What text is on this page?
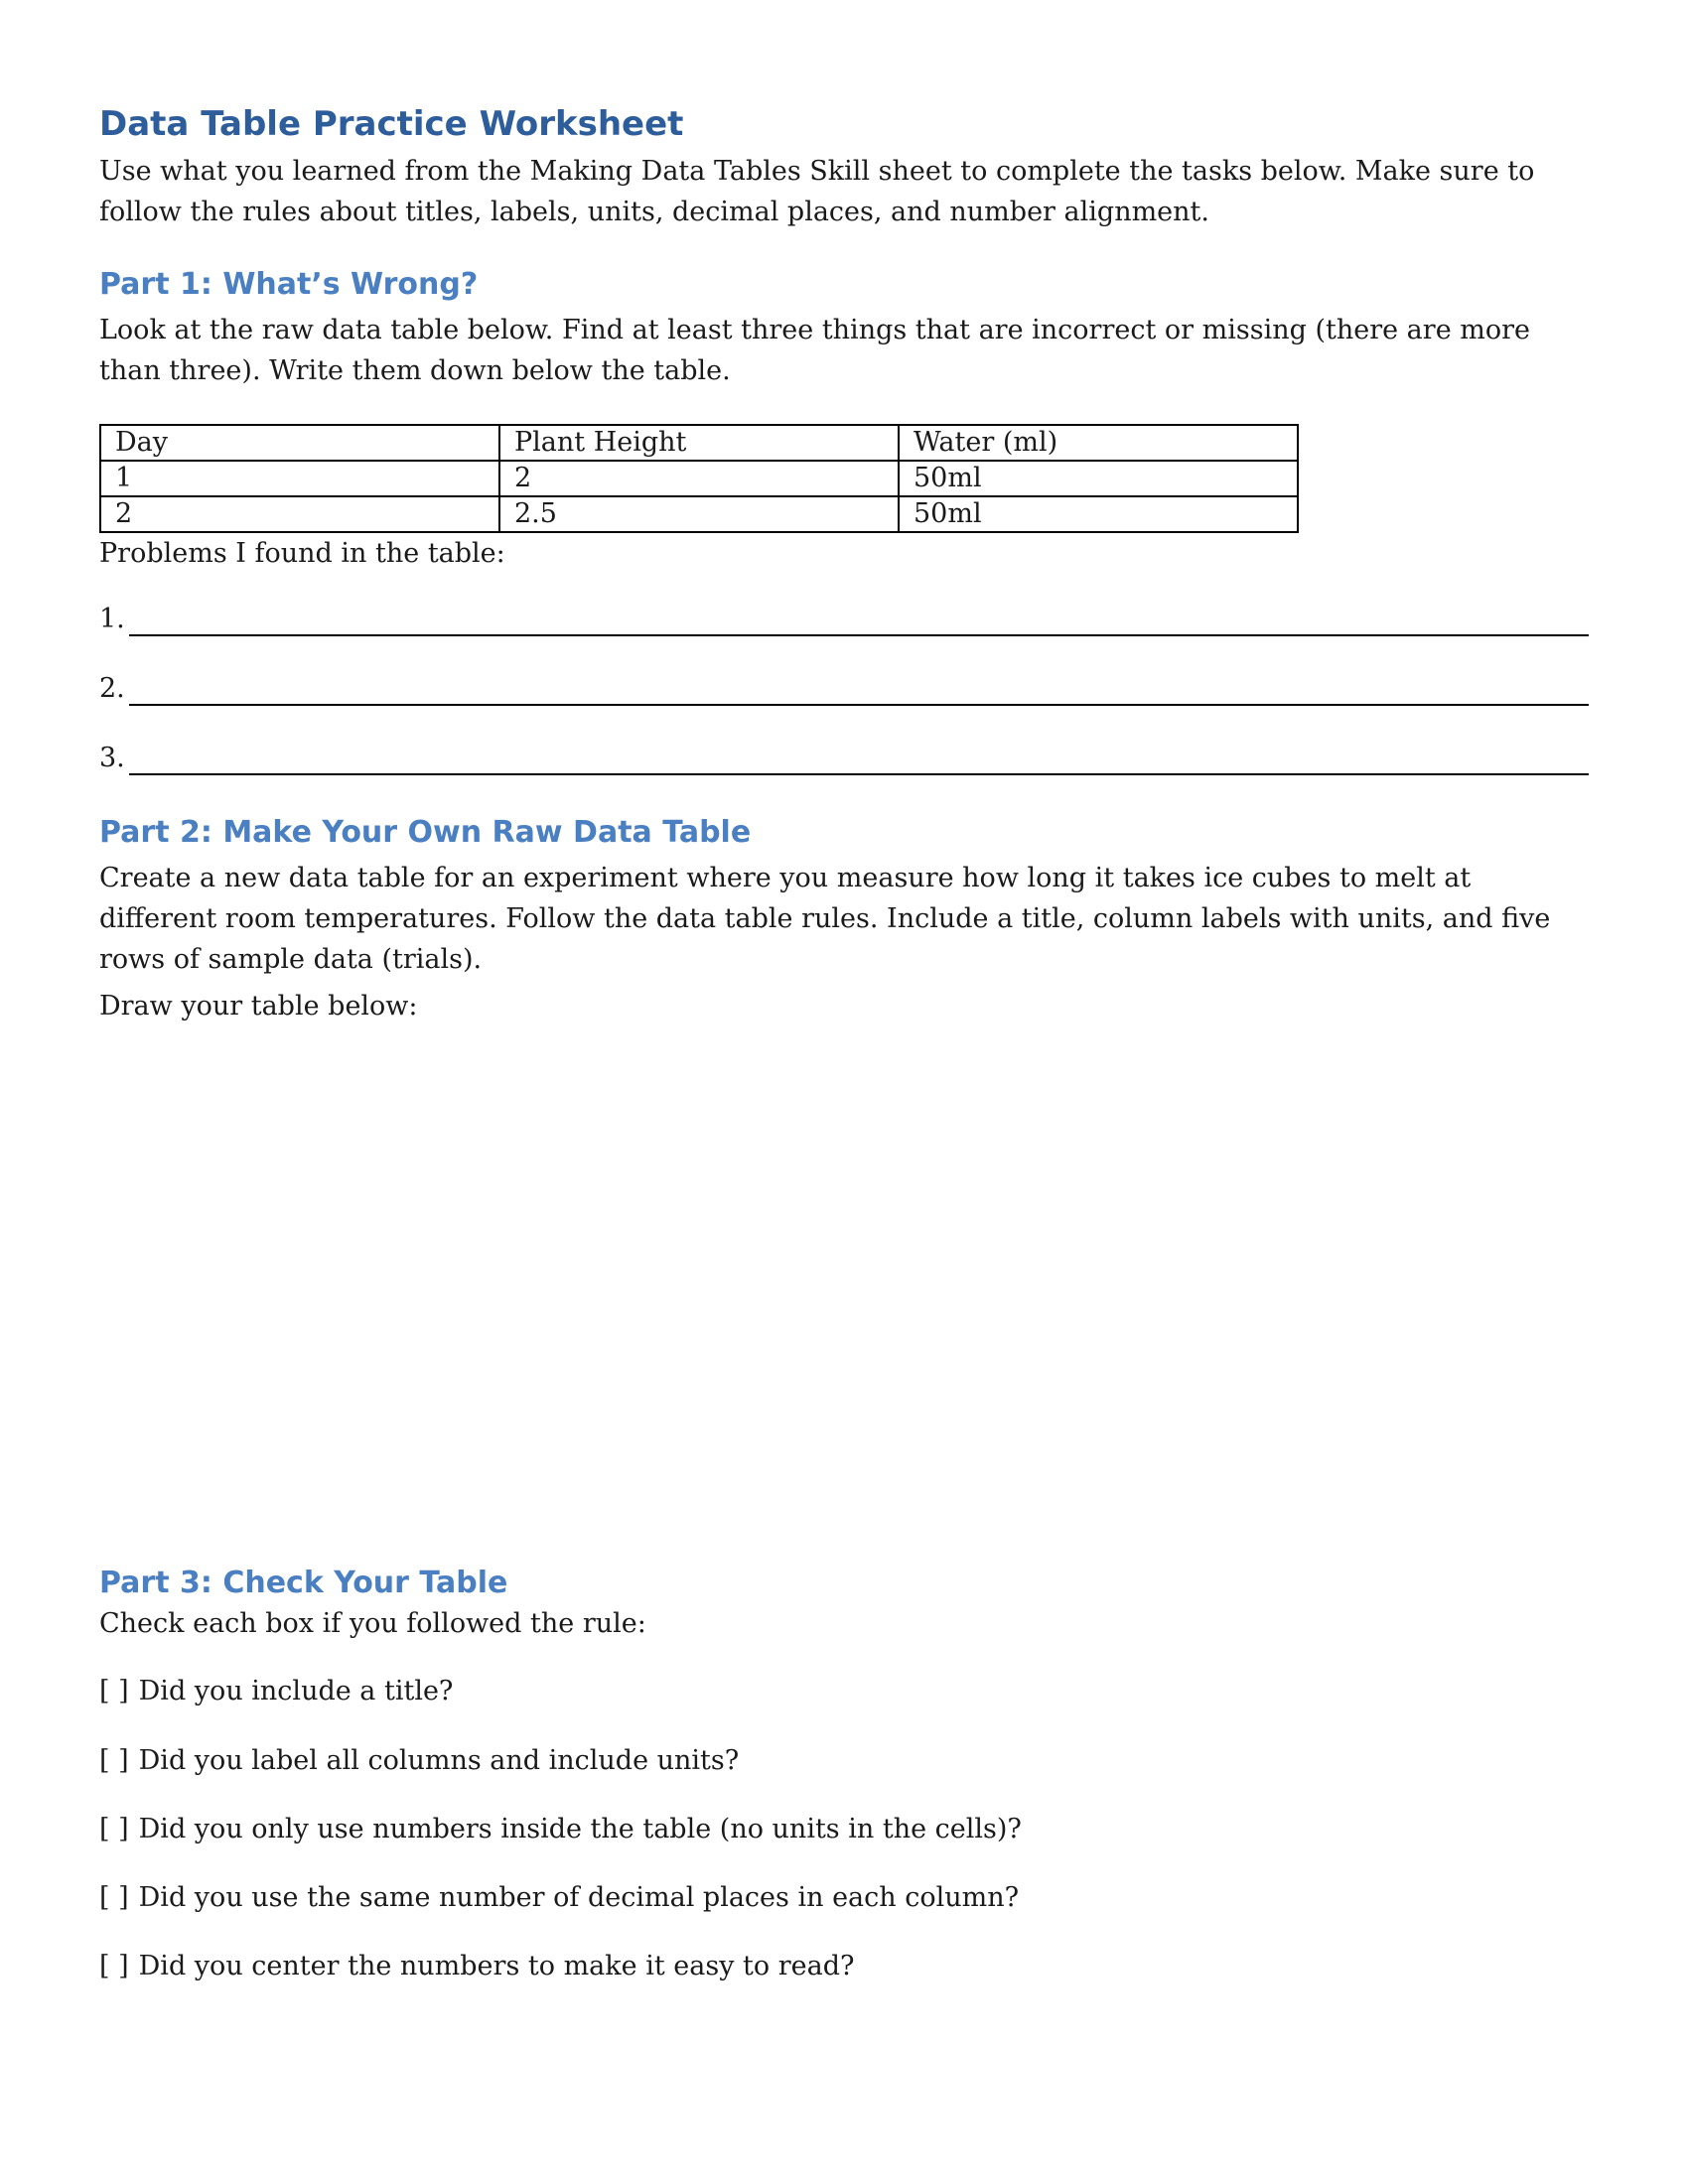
Data Table Practice Worksheet

Use what you learned from the Making Data Tables Skill sheet to complete the tasks below. Make sure to follow the rules about titles, labels, units, decimal places, and number alignment.

Part 1: What’s Wrong?

Look at the raw data table below. Find at least three things that are incorrect or missing (there are more than three). Write them down below the table.

Day	Plant Height	Water (ml)
1	2	50ml
2	2.5	50ml
Problems I found in the table:
1.
2.
3.
Part 2: Make Your Own Raw Data Table

Create a new data table for an experiment where you measure how long it takes ice cubes to melt at different room temperatures. Follow the data table rules. Include a title, column labels with units, and five rows of sample data (trials).

Draw your table below:
Part 3: Check Your Table
Check each box if you followed the rule:
[ ] Did you include a title?
[ ] Did you label all columns and include units?
[ ] Did you only use numbers inside the table (no units in the cells)?
[ ] Did you use the same number of decimal places in each column?
[ ] Did you center the numbers to make it easy to read?
